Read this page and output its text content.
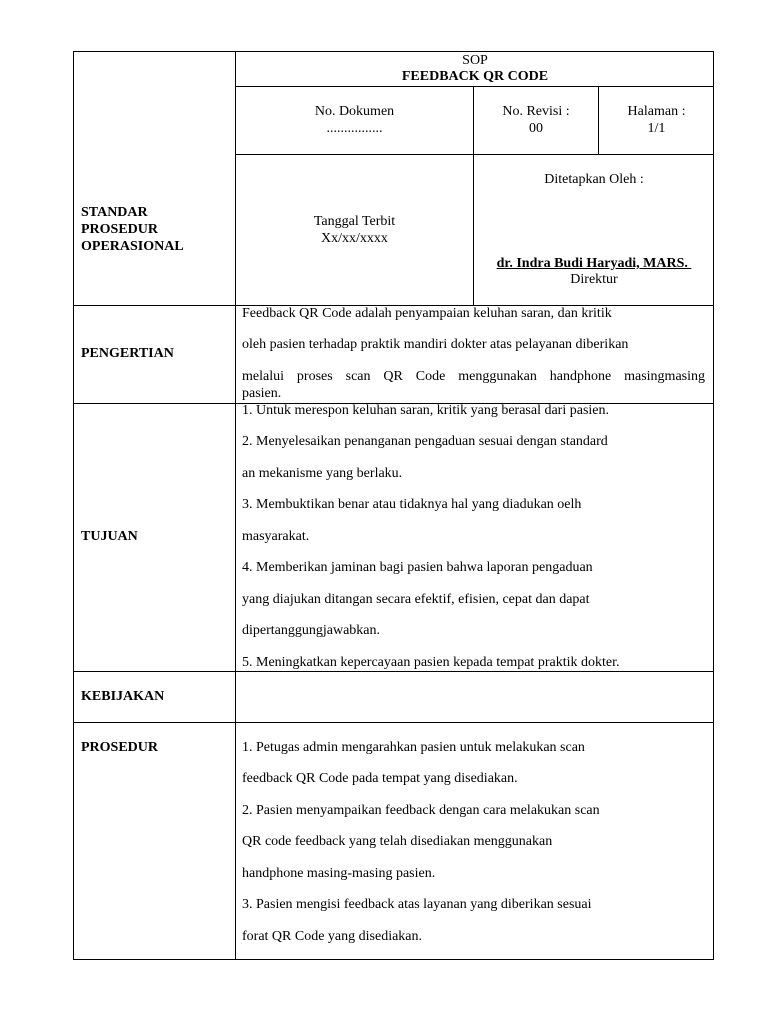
SOP
FEEDBACK QR CODE
No. Dokumen
................
No. Revisi :
00
Halaman :
1/1
STANDAR
PROSEDUR
OPERASIONAL
Tanggal Terbit
Xx/xx/xxxx
Ditetapkan Oleh :
dr. Indra Budi Haryadi, MARS.
Direktur
PENGERTIAN
Feedback QR Code adalah penyampaian keluhan saran, dan kritik
oleh pasien terhadap praktik mandiri dokter atas pelayanan diberikan
melalui proses scan QR Code menggunakan handphone masingmasing
pasien.
TUJUAN
1. Untuk merespon keluhan saran, kritik yang berasal dari pasien.
2. Menyelesaikan penanganan pengaduan sesuai dengan standard
an mekanisme yang berlaku.
3. Membuktikan benar atau tidaknya hal yang diadukan oelh
masyarakat.
4. Memberikan jaminan bagi pasien bahwa laporan pengaduan
yang diajukan ditangan secara efektif, efisien, cepat dan dapat
dipertanggungjawabkan.
5. Meningkatkan kepercayaan pasien kepada tempat praktik dokter.
KEBIJAKAN
PROSEDUR	1. Petugas admin mengarahkan pasien untuk melakukan scan
feedback QR Code pada tempat yang disediakan.
2. Pasien menyampaikan feedback dengan cara melakukan scan
QR code feedback yang telah disediakan menggunakan
handphone masing-masing pasien.
3. Pasien mengisi feedback atas layanan yang diberikan sesuai
forat QR Code yang disediakan.
